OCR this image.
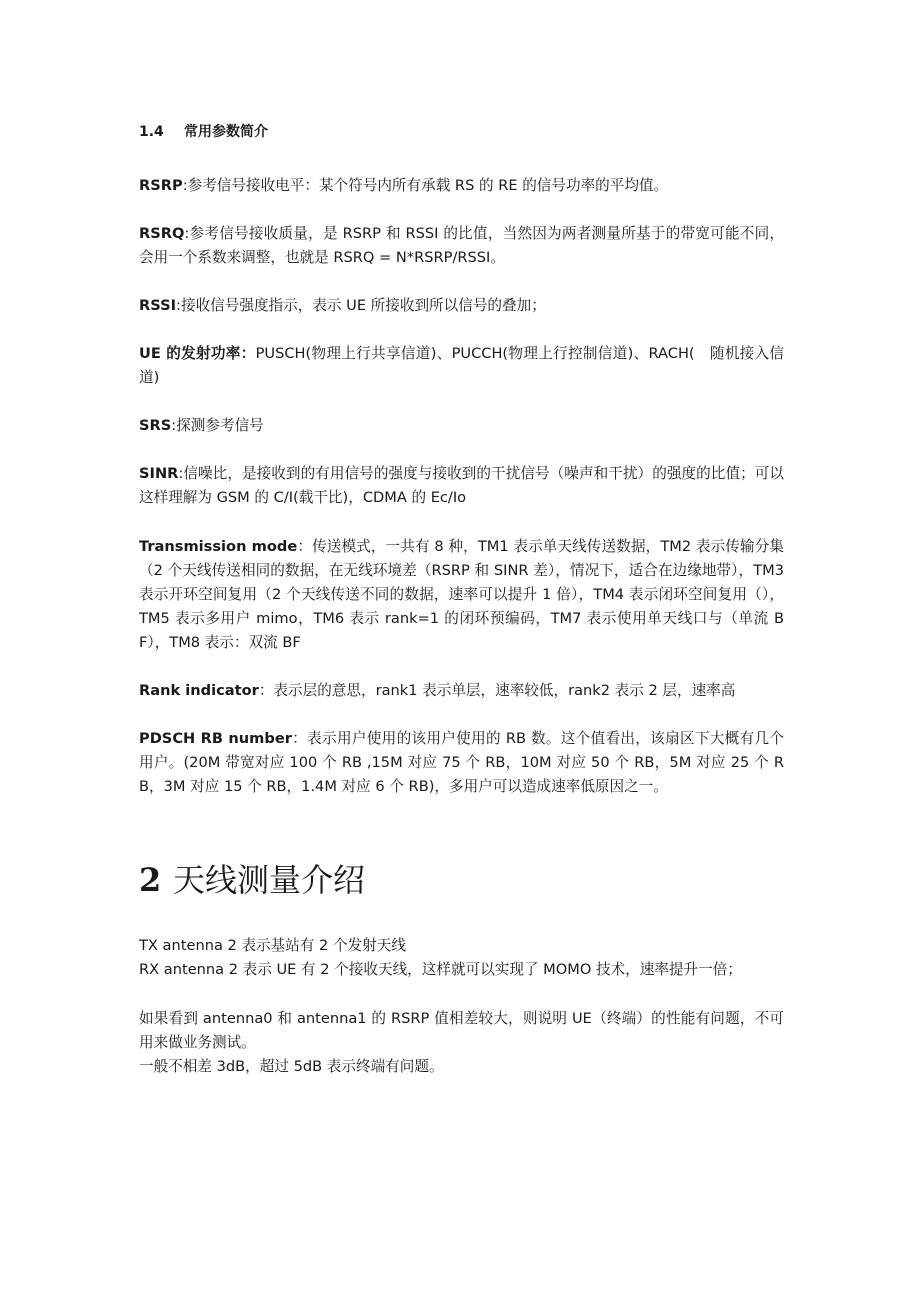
1.4 常用参数简介
RSRP:参考信号接收电平：某个符号内所有承载 RS 的 RE 的信号功率的平均值。
RSRQ:参考信号接收质量，是 RSRP 和 RSSI 的比值，当然因为两者测量所基于的带宽可能不同，会用一个系数来调整，也就是 RSRQ = N*RSRP/RSSI。
RSSI:接收信号强度指示，表示 UE 所接收到所以信号的叠加；
UE 的发射功率：PUSCH(物理上行共享信道)、PUCCH(物理上行控制信道)、RACH(　随机接入信道)
SRS:探测参考信号
SINR:信噪比，是接收到的有用信号的强度与接收到的干扰信号（噪声和干扰）的强度的比值；可以这样理解为 GSM 的 C/I(载干比)，CDMA 的 Ec/Io
Transmission mode：传送模式，一共有 8 种，TM1 表示单天线传送数据，TM2 表示传输分集（2 个天线传送相同的数据，在无线环境差（RSRP 和 SINR 差），情况下，适合在边缘地带），TM3 表示开环空间复用（2 个天线传送不同的数据，速率可以提升 1 倍），TM4 表示闭环空间复用（），TM5 表示多用户 mimo，TM6 表示 rank=1 的闭环预编码，TM7 表示使用单天线口与（单流 BF），TM8 表示：双流 BF
Rank indicator：表示层的意思，rank1 表示单层，速率较低，rank2 表示 2 层，速率高
PDSCH RB number：表示用户使用的该用户使用的 RB 数。这个值看出，该扇区下大概有几个用户。(20M 带宽对应 100 个 RB ,15M 对应 75 个 RB，10M 对应 50 个 RB，5M 对应 25 个 RB，3M 对应 15 个 RB，1.4M 对应 6 个 RB)，多用户可以造成速率低原因之一。
2 天线测量介绍
TX antenna 2 表示基站有 2 个发射天线
RX antenna 2 表示 UE 有 2 个接收天线，这样就可以实现了 MOMO 技术，速率提升一倍；
如果看到 antenna0 和 antenna1 的 RSRP 值相差较大，则说明 UE（终端）的性能有问题，不可用来做业务测试。
一般不相差 3dB，超过 5dB 表示终端有问题。
